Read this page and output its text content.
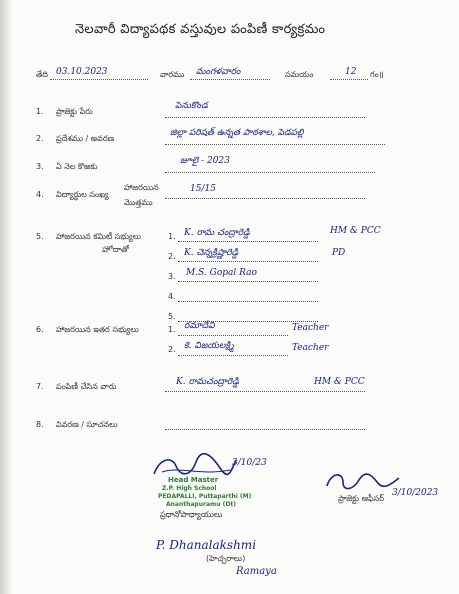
నెలవారీ విద్యాపథక వస్తువుల పంపిణీ కార్యక్రమం
తేది 03.10.2023	వారము మంగళవారం	సమయం	12 గం॥
1. ప్రాజెక్టు పేరు
పెనుకొండ
2. ప్రదేశము / అవరణ
జిల్లా పరిషత్ ఉన్నత పాఠశాల, పెడపల్లి
3. ఏ నెల కొఱకు
జూలై - 2023
4. విద్యార్థుల సంఖ్య
హాజరయిన
మొత్తము
15/15
5. హాజరయిన కమిటీ సభ్యులు
హోదాతో
1. K. రామ చంద్రారెడ్డి	HM & PCC
2. K. చెన్నక్రిష్ణారెడ్డి	PD
3. M.S. Gopal Rao
4.
5.
6. హాజరయిన ఇతర సభ్యులు	1. రమాదేవి	Teacher
2. కె. విజయలక్ష్మి	Teacher
7. పంపిణీ చేసిన వారు	K. రామచంద్రారెడ్డి	HM & PCC
8. వివరణ / సూచనలు
3/10/23
Head Master
Z.P. High School
PEDAPALLI, Puttaparthi (M)
Ananthapuramu (Dt)
ప్రధానోపాధ్యాయులు
3/10/2023
ప్రాజెక్టు ఆఫీసర్
P. Dhanalakshmi
(హెచ్చరాలు)
Ramaya
